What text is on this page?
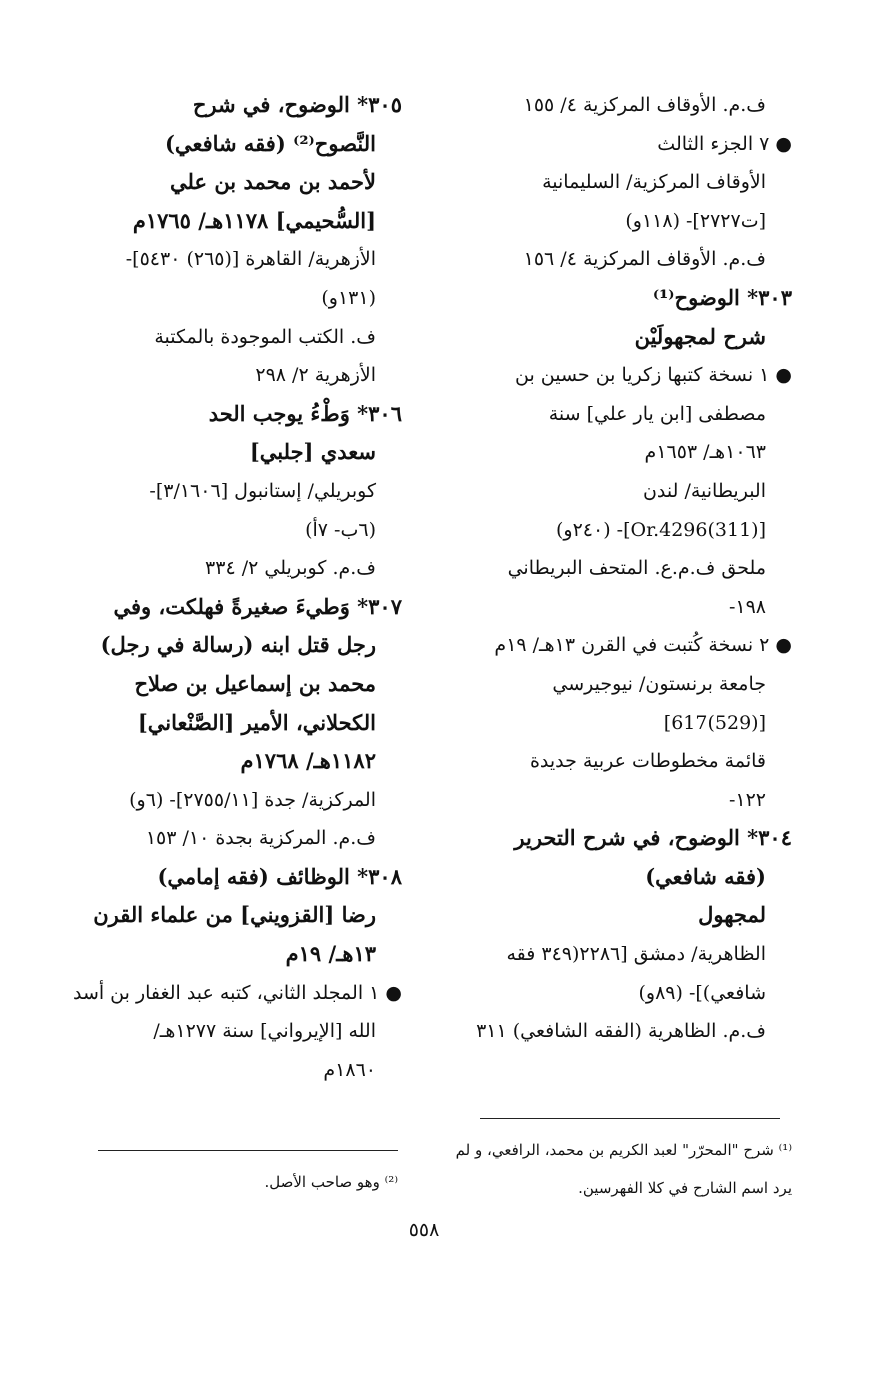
ف.م. الأوقاف المركزية ٤/ ١٥٥
● ٧ الجزء الثالث
الأوقاف المركزية/ السليمانية
[ت٢٧٢٧]- (١١٨و)
ف.م. الأوقاف المركزية ٤/ ١٥٦
٣٠٣* الوضوح⁽¹⁾
شرح لمجهولَيْن
● ١ نسخة كتبها زكريا بن حسين بن
مصطفى [ابن يار علي] سنة
١٠٦٣هـ/ ١٦٥٣م
البريطانية/ لندن
[(311)Or.4296]- (٢٤٠و)
ملحق ف.م.ع. المتحف البريطاني
١٩٨-
● ٢ نسخة كُتبت في القرن ١٣هـ/ ١٩م
جامعة برنستون/ نيوجيرسي
[(529)617]
قائمة مخطوطات عربية جديدة
١٢٢-
٣٠٤* الوضوح، في شرح التحرير
(فقه شافعي)
لمجهول
الظاهرية/ دمشق [٢٢٨٦(٣٤٩ فقه
شافعي)]- (٨٩و)
ف.م. الظاهرية (الفقه الشافعي) ٣١١
٣٠٥* الوضوح، في شرح
النَّصوح⁽²⁾ (فقه شافعي)
لأحمد بن محمد بن علي
[السُّحيمي] ١١٧٨هـ/ ١٧٦٥م
الأزهرية/ القاهرة [(٢٦٥) ٥٤٣٠]-
(١٣١و)
ف. الكتب الموجودة بالمكتبة
الأزهرية ٢/ ٢٩٨
٣٠٦* وَطْءُ يوجب الحد
سعدي [جلبي]
كوبريلي/ إستانبول [٣/١٦٠٦]-
(٦ب- ٧أ)
ف.م. كوبريلي ٢/ ٣٣٤
٣٠٧* وَطيءَ صغيرةً فهلكت، وفي
رجل قتل ابنه (رسالة في رجل)
محمد بن إسماعيل بن صلاح
الكحلاني، الأمير [الصَّنْعاني]
١١٨٢هـ/ ١٧٦٨م
المركزية/ جدة [٢٧٥٥/١١]- (٦و)
ف.م. المركزية بجدة ١٠/ ١٥٣
٣٠٨* الوظائف (فقه إمامي)
رضا [القزويني] من علماء القرن
١٣هـ/ ١٩م
● ١ المجلد الثاني، كتبه عبد الغفار بن أسد
الله [الإيرواني] سنة ١٢٧٧هـ/
١٨٦٠م
⁽¹⁾ شرح "المحرّر" لعبد الكريم بن محمد، الرافعي، و لم
يرد اسم الشارح في كلا الفهرسين.
⁽²⁾ وهو صاحب الأصل.
٥٥٨
